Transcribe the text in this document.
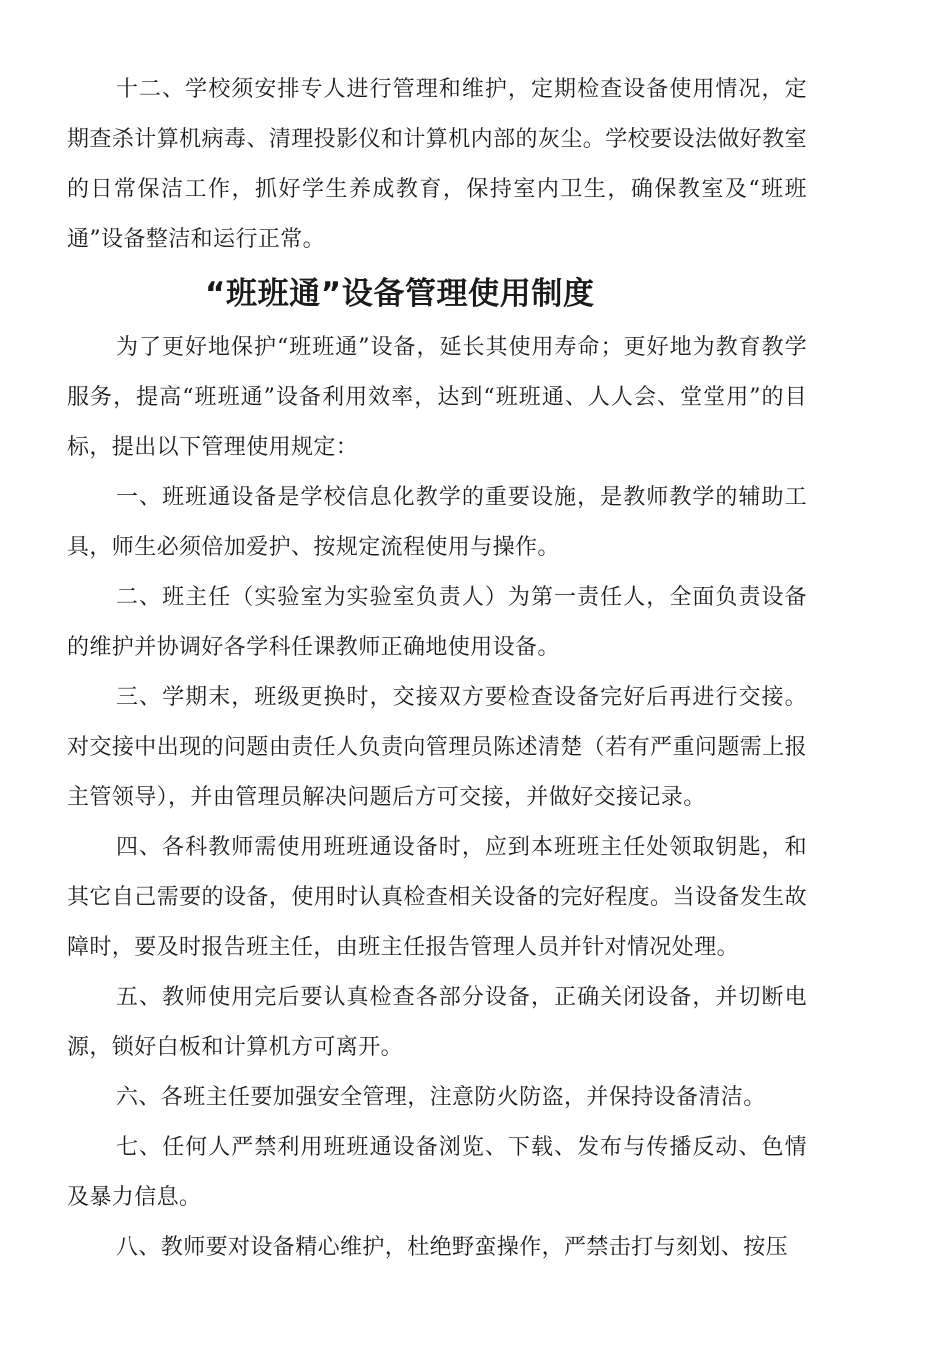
十二、学校须安排专人进行管理和维护，定期检查设备使用情况，定期查杀计算机病毒、清理投影仪和计算机内部的灰尘。学校要设法做好教室的日常保洁工作，抓好学生养成教育，保持室内卫生，确保教室及“班班通”设备整洁和运行正常。

“班班通”设备管理使用制度

为了更好地保护“班班通”设备，延长其使用寿命；更好地为教育教学服务，提高“班班通”设备利用效率，达到“班班通、人人会、堂堂用”的目标，提出以下管理使用规定：

一、班班通设备是学校信息化教学的重要设施，是教师教学的辅助工具，师生必须倍加爱护、按规定流程使用与操作。

二、班主任（实验室为实验室负责人）为第一责任人，全面负责设备的维护并协调好各学科任课教师正确地使用设备。

三、学期末，班级更换时，交接双方要检查设备完好后再进行交接。对交接中出现的问题由责任人负责向管理员陈述清楚（若有严重问题需上报主管领导），并由管理员解决问题后方可交接，并做好交接记录。

四、各科教师需使用班班通设备时，应到本班班主任处领取钥匙，和其它自己需要的设备，使用时认真检查相关设备的完好程度。当设备发生故障时，要及时报告班主任，由班主任报告管理人员并针对情况处理。

五、教师使用完后要认真检查各部分设备，正确关闭设备，并切断电源，锁好白板和计算机方可离开。

六、各班主任要加强安全管理，注意防火防盗，并保持设备清洁。

七、任何人严禁利用班班通设备浏览、下载、发布与传播反动、色情及暴力信息。

八、教师要对设备精心维护，杜绝野蛮操作，严禁击打与刻划、按压
